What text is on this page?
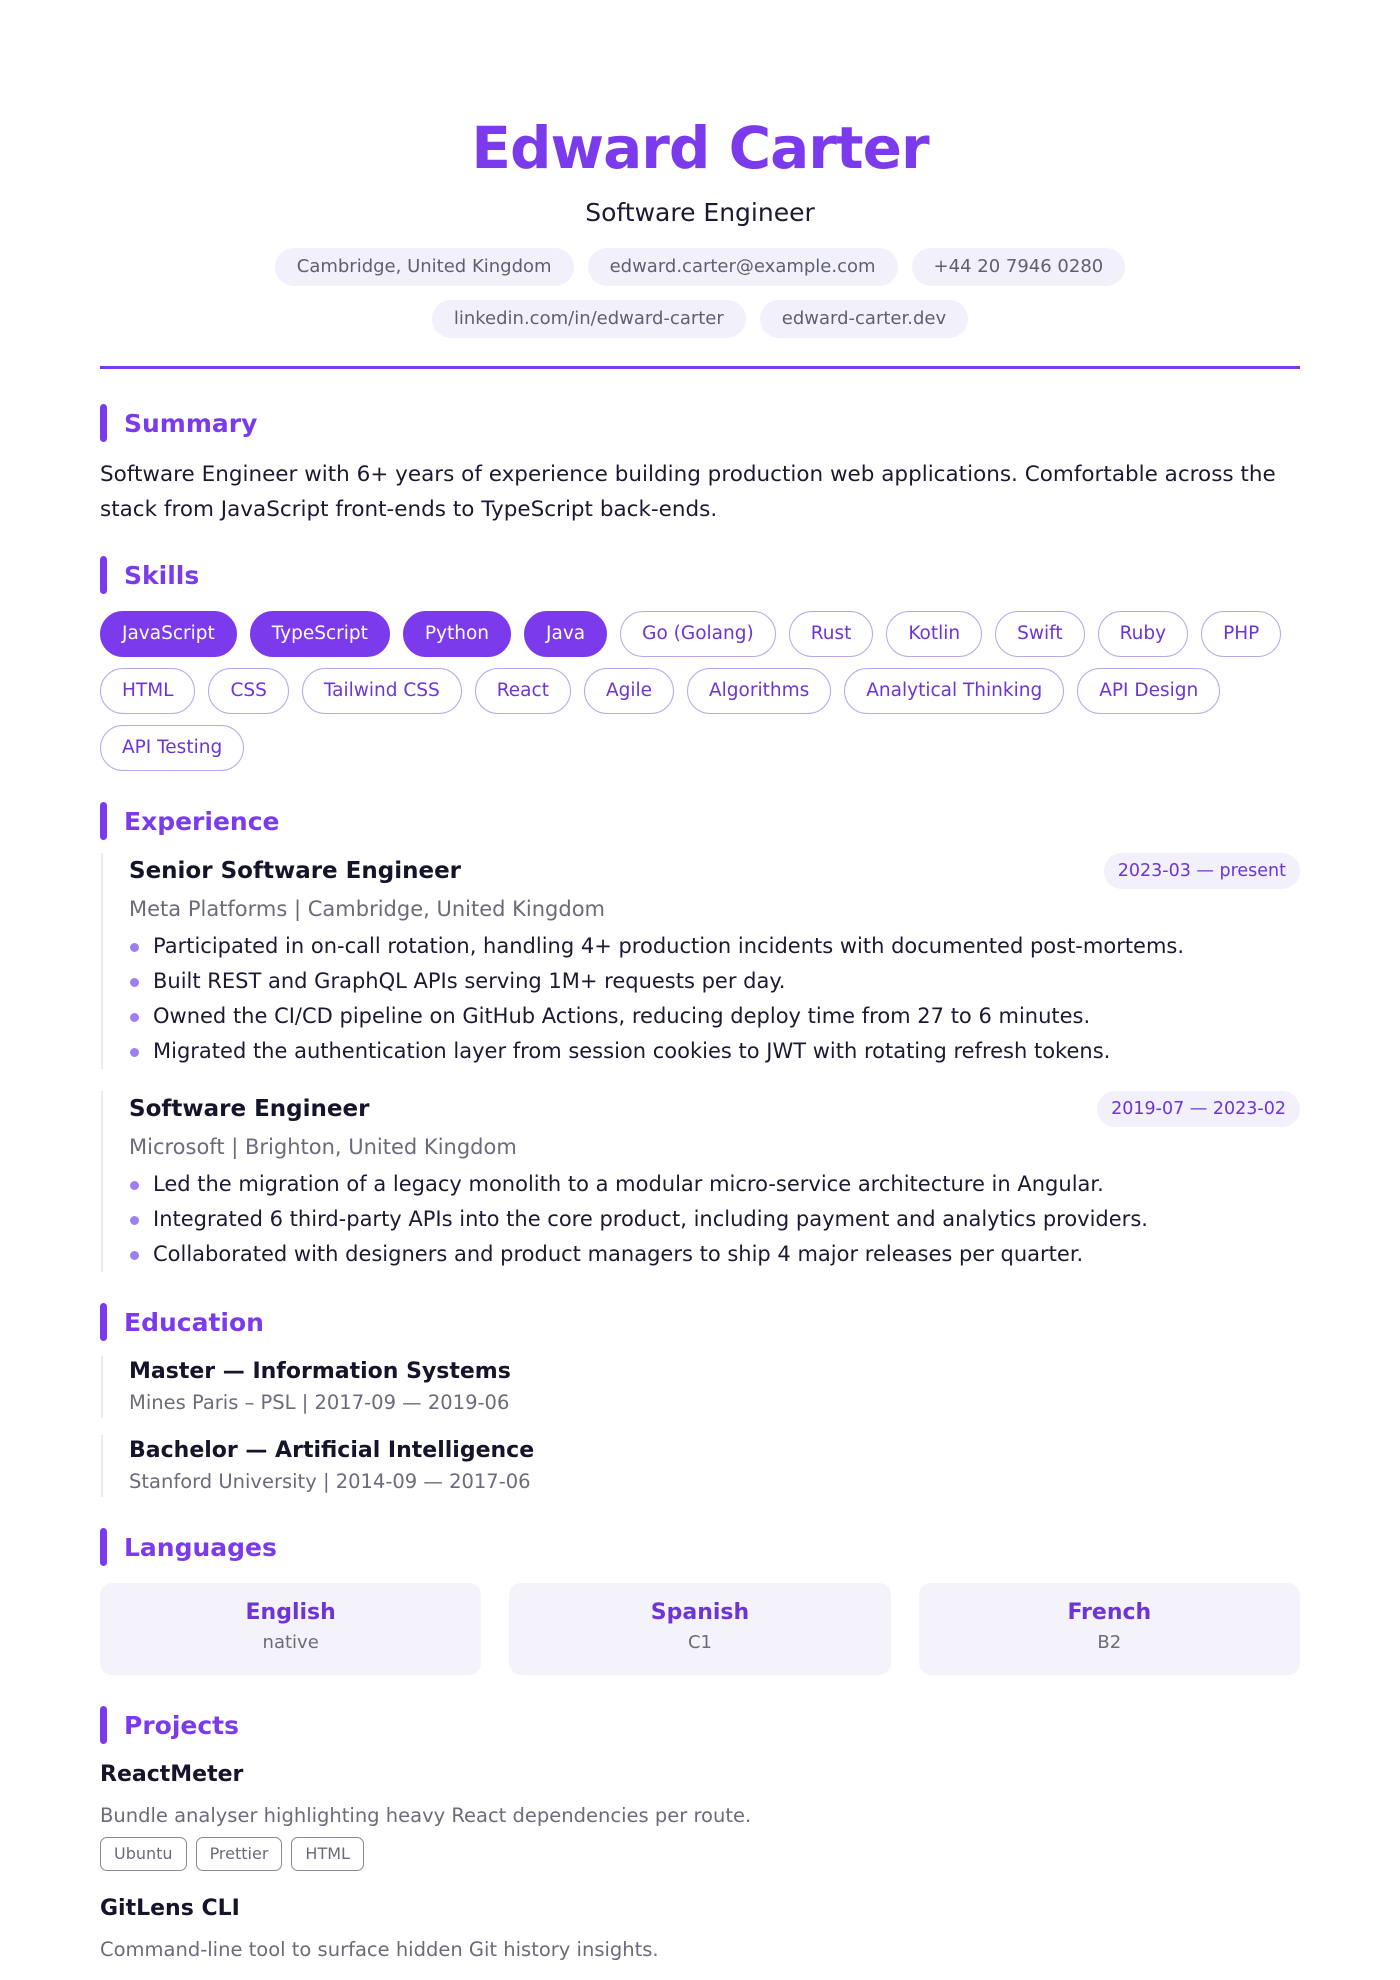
Edward Carter
Software Engineer
Cambridge, United Kingdom	edward.carter@example.com	+44 20 7946 0280
linkedin.com/in/edward-carter	edward-carter.dev
Summary

Software Engineer with 6+ years of experience building production web applications. Comfortable across the stack from JavaScript front-ends to TypeScript back-ends.

Skills
JavaScript	TypeScript	Python	Java	Go (Golang)	Rust	Kotlin	Swift	Ruby	PHP
HTML	CSS	Tailwind CSS	React	Agile	Algorithms	Analytical Thinking	API Design
API Testing
Experience
Senior Software Engineer	2023-03 — present
Meta Platforms | Cambridge, United Kingdom
Participated in on-call rotation, handling 4+ production incidents with documented post-mortems.
Built REST and GraphQL APIs serving 1M+ requests per day.
Owned the CI/CD pipeline on GitHub Actions, reducing deploy time from 27 to 6 minutes.
Migrated the authentication layer from session cookies to JWT with rotating refresh tokens.
Software Engineer	2019-07 — 2023-02
Microsoft | Brighton, United Kingdom
Led the migration of a legacy monolith to a modular micro-service architecture in Angular.
Integrated 6 third-party APIs into the core product, including payment and analytics providers.
Collaborated with designers and product managers to ship 4 major releases per quarter.
Education
Master — Information Systems
Mines Paris – PSL | 2017-09 — 2019-06
Bachelor — Artificial Intelligence
Stanford University | 2014-09 — 2017-06
Languages
English
native
Spanish
C1
French
B2
Projects
ReactMeter
Bundle analyser highlighting heavy React dependencies per route.
Ubuntu	Prettier	HTML
GitLens CLI
Command-line tool to surface hidden Git history insights.
